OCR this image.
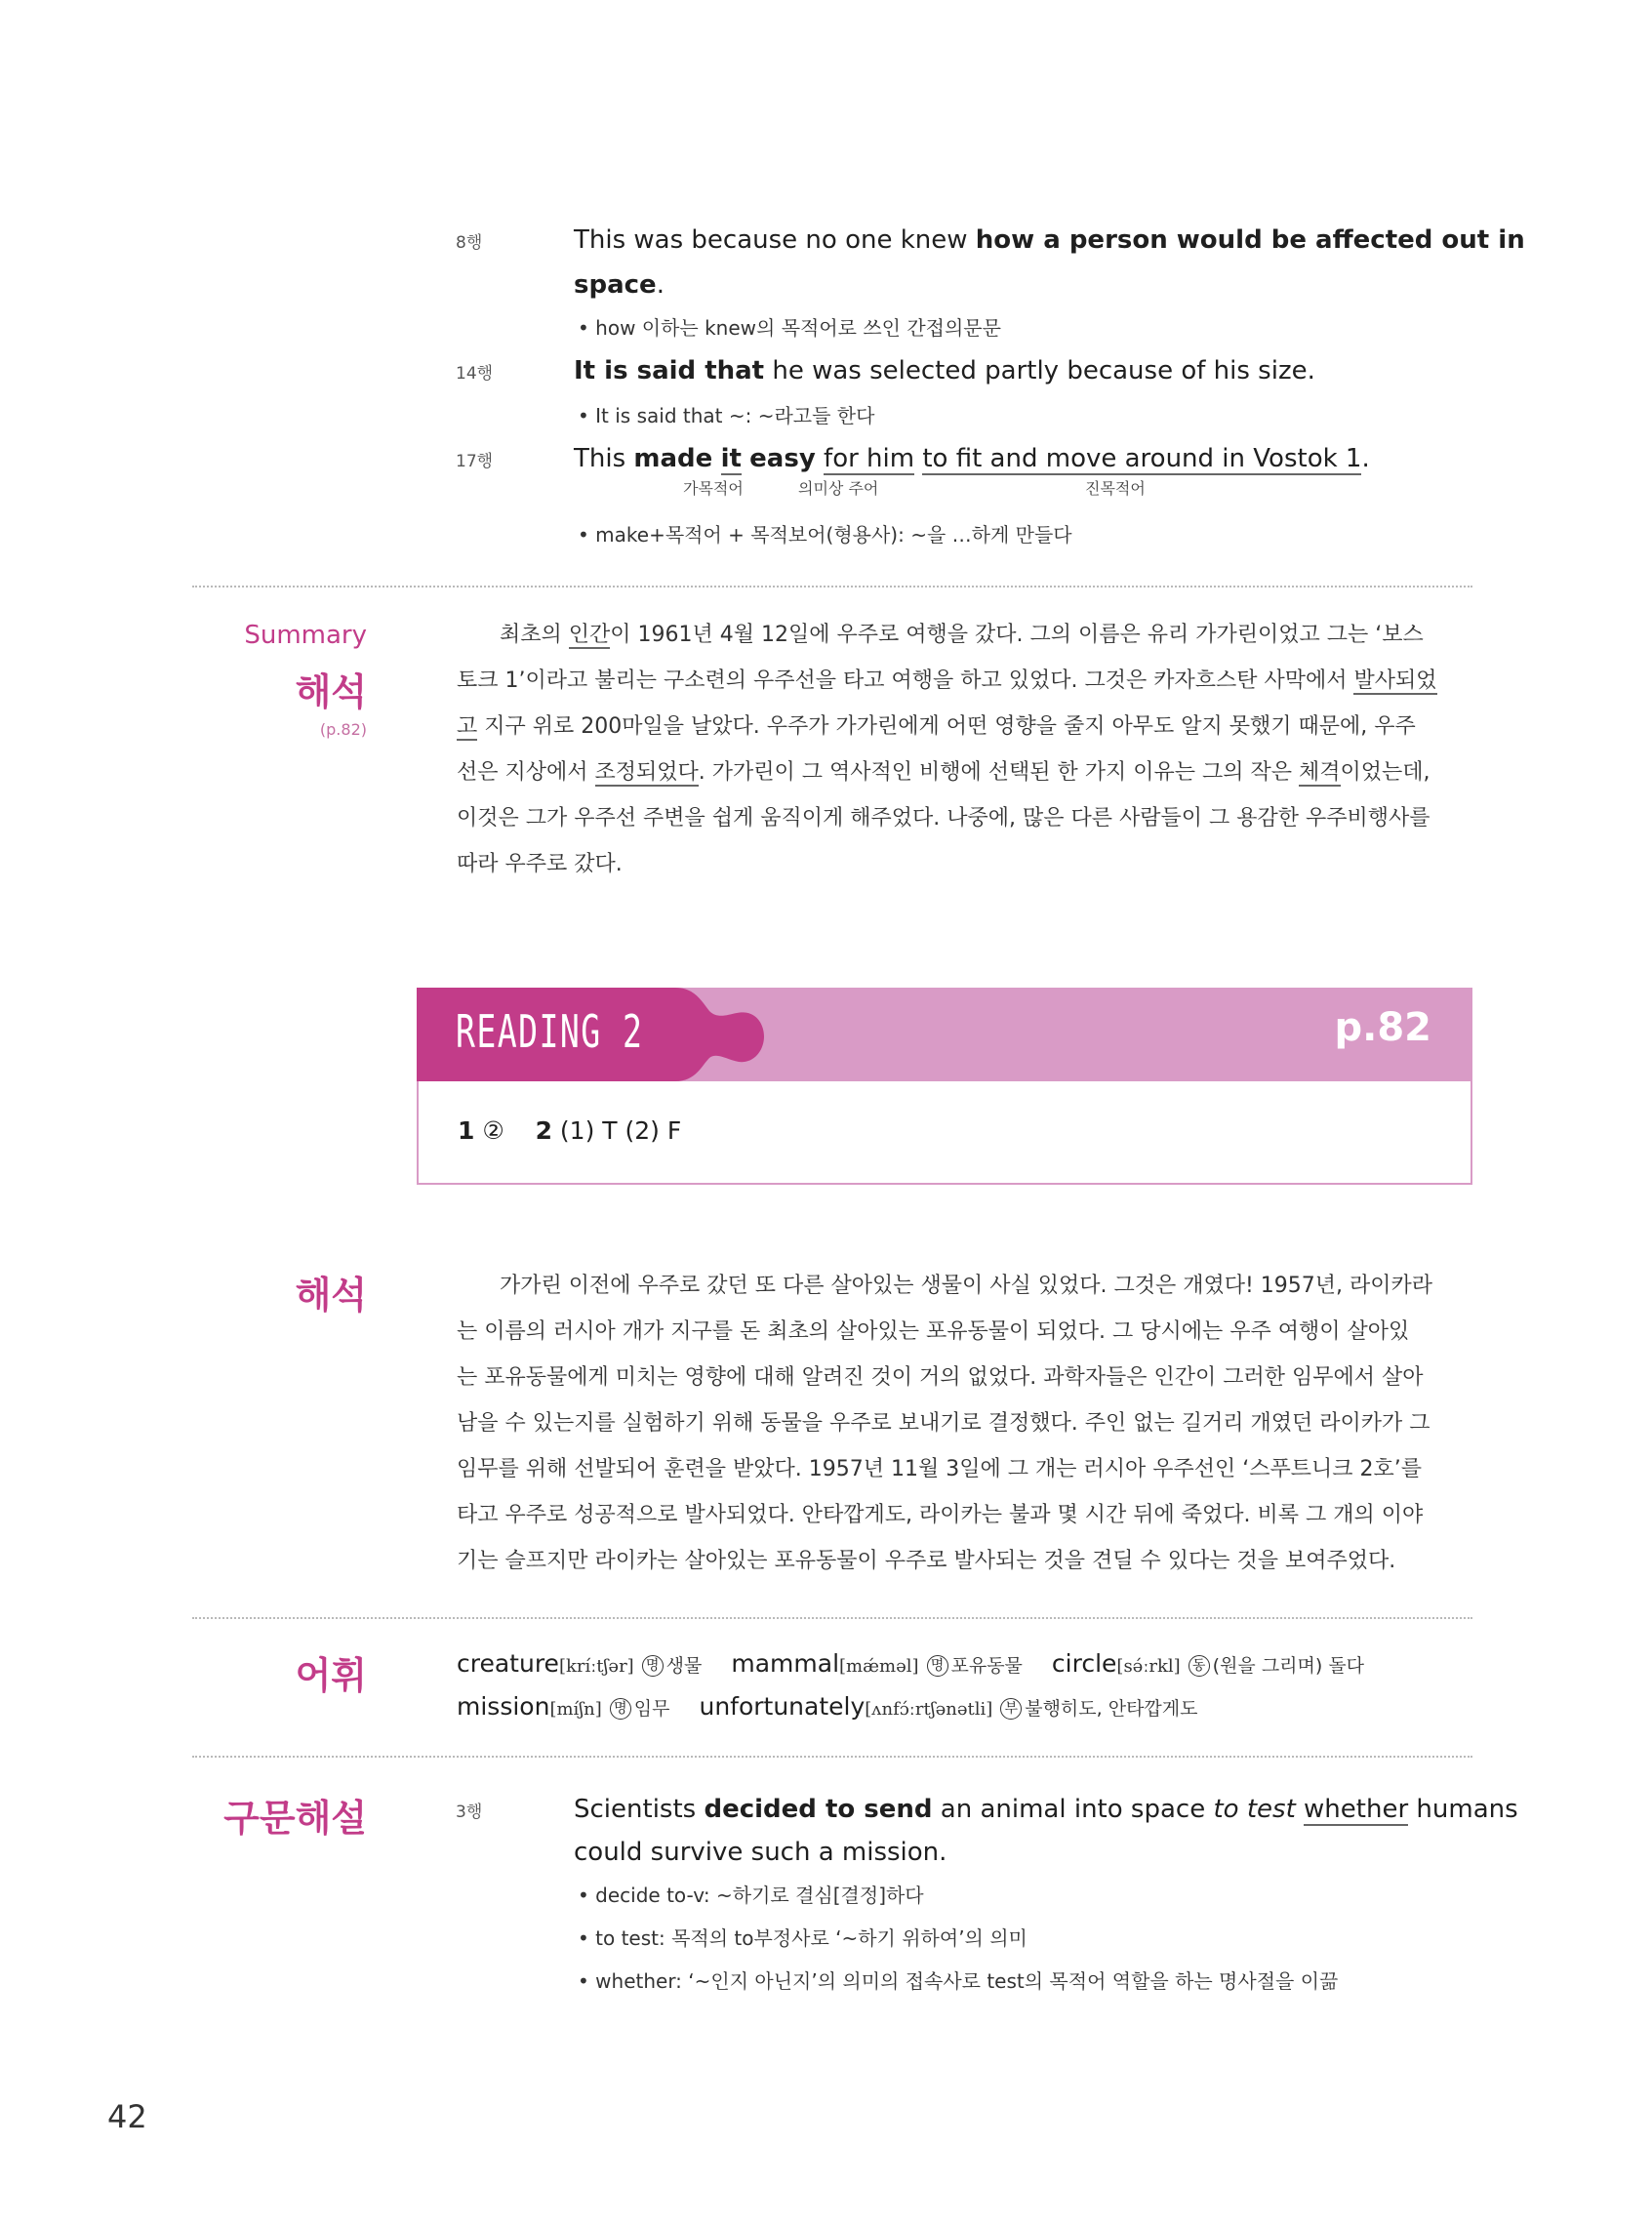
8행	This was because no one knew how a person would be affected out in
space.
• how 이하는 knew의 목적어로 쓰인 간접의문문
14행	It is said that he was selected partly because of his size.
• It is said that ~: ~라고들 한다
17행	This made it easy for him to fit and move around in Vostok 1.
가목적어	의미상 주어	진목적어
• make+목적어 + 목적보어(형용사): ~을 …하게 만들다
Summary
해석
(p.82)

최초의 인간이 1961년 4월 12일에 우주로 여행을 갔다. 그의 이름은 유리 가가린이었고 그는 ‘보스

토크 1’이라고 불리는 구소련의 우주선을 타고 여행을 하고 있었다. 그것은 카자흐스탄 사막에서 발사되었

고 지구 위로 200마일을 날았다. 우주가 가가린에게 어떤 영향을 줄지 아무도 알지 못했기 때문에, 우주

선은 지상에서 조정되었다. 가가린이 그 역사적인 비행에 선택된 한 가지 이유는 그의 작은 체격이었는데,

이것은 그가 우주선 주변을 쉽게 움직이게 해주었다. 나중에, 많은 다른 사람들이 그 용감한 우주비행사를

따라 우주로 갔다.

READING 2	p.82
1 ②    2 (1) T (2) F
해석	가가린 이전에 우주로 갔던 또 다른 살아있는 생물이 사실 있었다. 그것은 개였다! 1957년, 라이카라

는 이름의 러시아 개가 지구를 돈 최초의 살아있는 포유동물이 되었다. 그 당시에는 우주 여행이 살아있

는 포유동물에게 미치는 영향에 대해 알려진 것이 거의 없었다. 과학자들은 인간이 그러한 임무에서 살아

남을 수 있는지를 실험하기 위해 동물을 우주로 보내기로 결정했다. 주인 없는 길거리 개였던 라이카가 그

임무를 위해 선발되어 훈련을 받았다. 1957년 11월 3일에 그 개는 러시아 우주선인 ‘스푸트니크 2호’를

타고 우주로 성공적으로 발사되었다. 안타깝게도, 라이카는 불과 몇 시간 뒤에 죽었다. 비록 그 개의 이야

기는 슬프지만 라이카는 살아있는 포유동물이 우주로 발사되는 것을 견딜 수 있다는 것을 보여주었다.

어휘	creature[kríːtʃər] 명 생물 mammal[mǽməl] 명 포유동물 circle[sə́ːrkl] 동 (원을 그리며) 돌다
mission[míʃn] 명 임무 unfortunately[ʌnfɔ́ːrtʃənətli] 부 불행히도, 안타깝게도
구문해설	3행	Scientists decided to send an animal into space to test whether humans
could survive such a mission.
• decide to-v: ~하기로 결심[결정]하다
• to test: 목적의 to부정사로 ‘~하기 위하여’의 의미
• whether: ‘~인지 아닌지’의 의미의 접속사로 test의 목적어 역할을 하는 명사절을 이끎
42
